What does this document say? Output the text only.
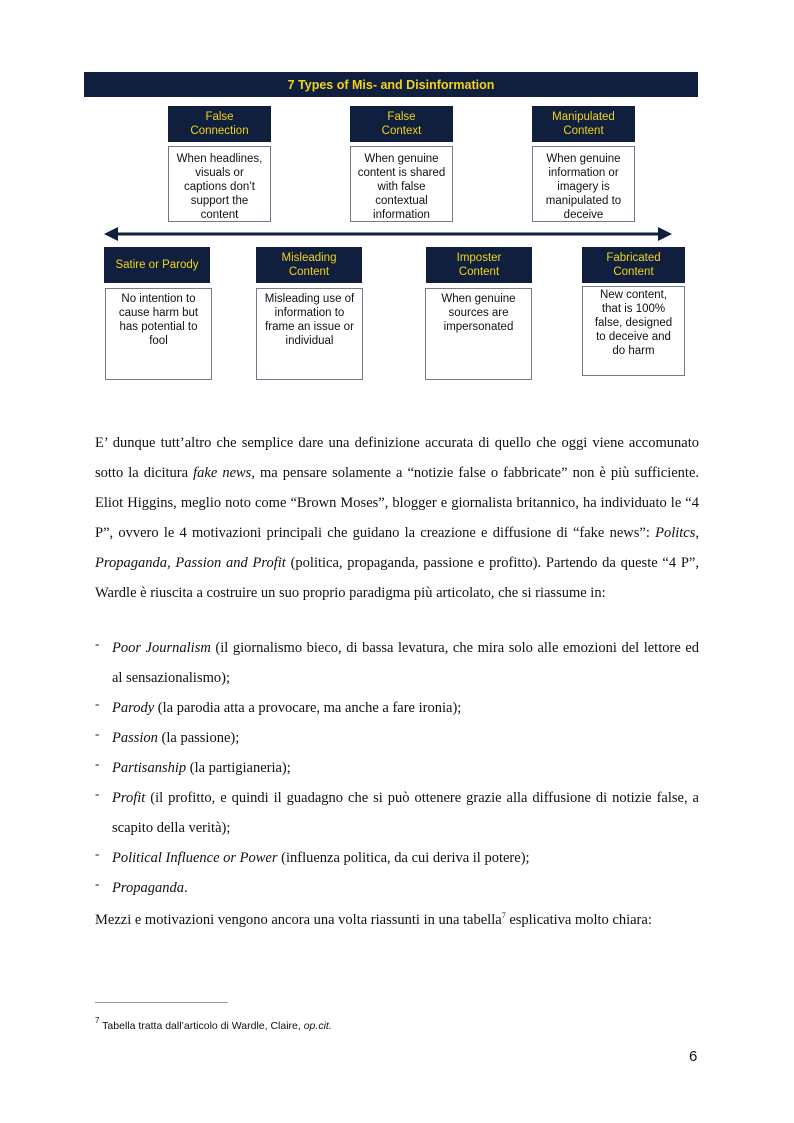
7 Types of Mis- and Disinformation
False
Connection
When headlines,
visuals or
captions don’t
support the
content
False
Context
When genuine
content is shared
with false
contextual
information
Manipulated
Content
When genuine
information or
imagery is
manipulated to
deceive
Satire or Parody
No intention to
cause harm but
has potential to
fool
Misleading
Content
Misleading use of
information to
frame an issue or
individual
Imposter
Content
When genuine
sources are
impersonated
Fabricated
Content
New content,
that is 100%
false, designed
to deceive and
do harm
E’ dunque tutt’altro che semplice dare una definizione accurata di quello che oggi viene accomunato sotto la dicitura fake news, ma pensare solamente a “notizie false o fabbricate” non è più sufficiente. Eliot Higgins, meglio noto come “Brown Moses”, blogger e giornalista britannico, ha individuato le “4 P”, ovvero le 4 motivazioni principali che guidano la creazione e diffusione di “fake news”: Politcs, Propaganda, Passion and Profit (politica, propaganda, passione e profitto). Partendo da queste “4 P”, Wardle è riuscita a costruire un suo proprio paradigma più articolato, che si riassume in:
- Poor Journalism (il giornalismo bieco, di bassa levatura, che mira solo alle emozioni del lettore ed al sensazionalismo);
- Parody (la parodia atta a provocare, ma anche a fare ironia);
- Passion (la passione);
- Partisanship (la partigianeria);
- Profit (il profitto, e quindi il guadagno che si può ottenere grazie alla diffusione di notizie false, a scapito della verità);
- Political Influence or Power (influenza politica, da cui deriva il potere);
- Propaganda.
Mezzi e motivazioni vengono ancora una volta riassunti in una tabella$^7$ esplicativa molto chiara:
$^7$ Tabella tratta dall’articolo di Wardle, Claire, op.cit.
6
